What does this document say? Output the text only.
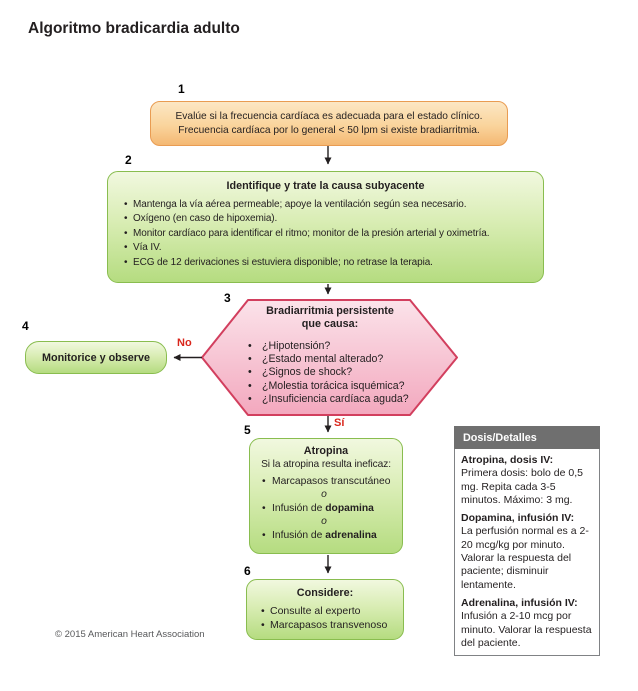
Algoritmo bradicardia adulto
1
Evalúe si la frecuencia cardíaca es adecuada para el estado clínico.
Frecuencia cardíaca por lo general < 50 lpm si existe bradiarritmia.
2
Identifique y trate la causa subyacente
• Mantenga la vía aérea permeable; apoye la ventilación según sea necesario.
• Oxígeno (en caso de hipoxemia).
• Monitor cardíaco para identificar el ritmo; monitor de la presión arterial y oximetría.
• Vía IV.
• ECG de 12 derivaciones si estuviera disponible; no retrase la terapia.
3
Bradiarritmia persistente
que causa:
• ¿Hipotensión?
• ¿Estado mental alterado?
• ¿Signos de shock?
• ¿Molestia torácica isquémica?
• ¿Insuficiencia cardíaca aguda?
4
Monitorice y observe
No
Sí
5
Atropina
Si la atropina resulta ineficaz:
• Marcapasos transcutáneo
o
• Infusión de dopamina
o
• Infusión de adrenalina
6
Considere:
• Consulte al experto
• Marcapasos transvenoso
Dosis/Detalles
Atropina, dosis IV:
Primera dosis: bolo de 0,5 mg. Repita cada 3-5 minutos. Máximo: 3 mg.
Dopamina, infusión IV:
La perfusión normal es a 2-20 mcg/kg por minuto. Valorar la respuesta del paciente; disminuir lentamente.
Adrenalina, infusión IV:
Infusión a 2-10 mcg por minuto. Valorar la respuesta del paciente.
© 2015 American Heart Association
